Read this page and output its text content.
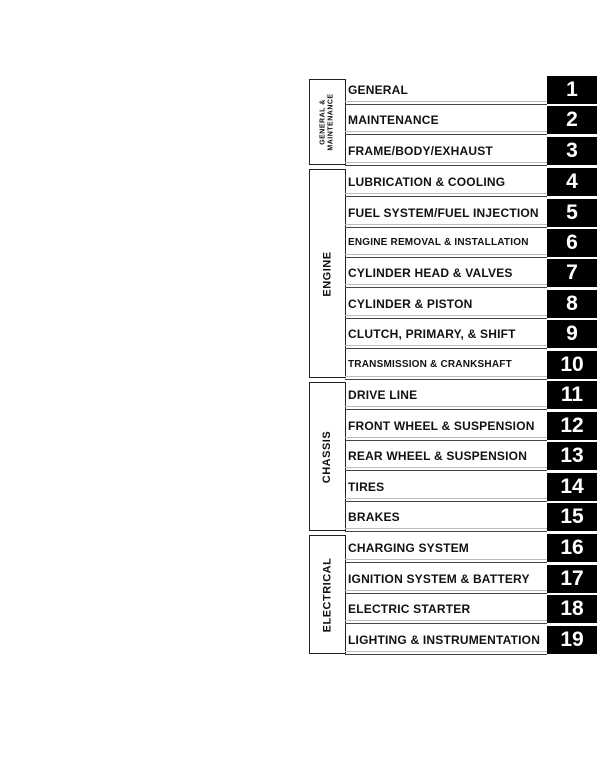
GENERAL & MAINTENANCE
GENERAL	1
MAINTENANCE	2
FRAME/BODY/EXHAUST	3
ENGINE
LUBRICATION & COOLING	4
FUEL SYSTEM/FUEL INJECTION	5
ENGINE REMOVAL & INSTALLATION	6
CYLINDER HEAD & VALVES	7
CYLINDER & PISTON	8
CLUTCH, PRIMARY, & SHIFT	9
TRANSMISSION & CRANKSHAFT	10
CHASSIS
DRIVE LINE	11
FRONT WHEEL & SUSPENSION	12
REAR WHEEL & SUSPENSION	13
TIRES	14
BRAKES	15
ELECTRICAL
CHARGING SYSTEM	16
IGNITION SYSTEM & BATTERY	17
ELECTRIC STARTER	18
LIGHTING & INSTRUMENTATION 19
